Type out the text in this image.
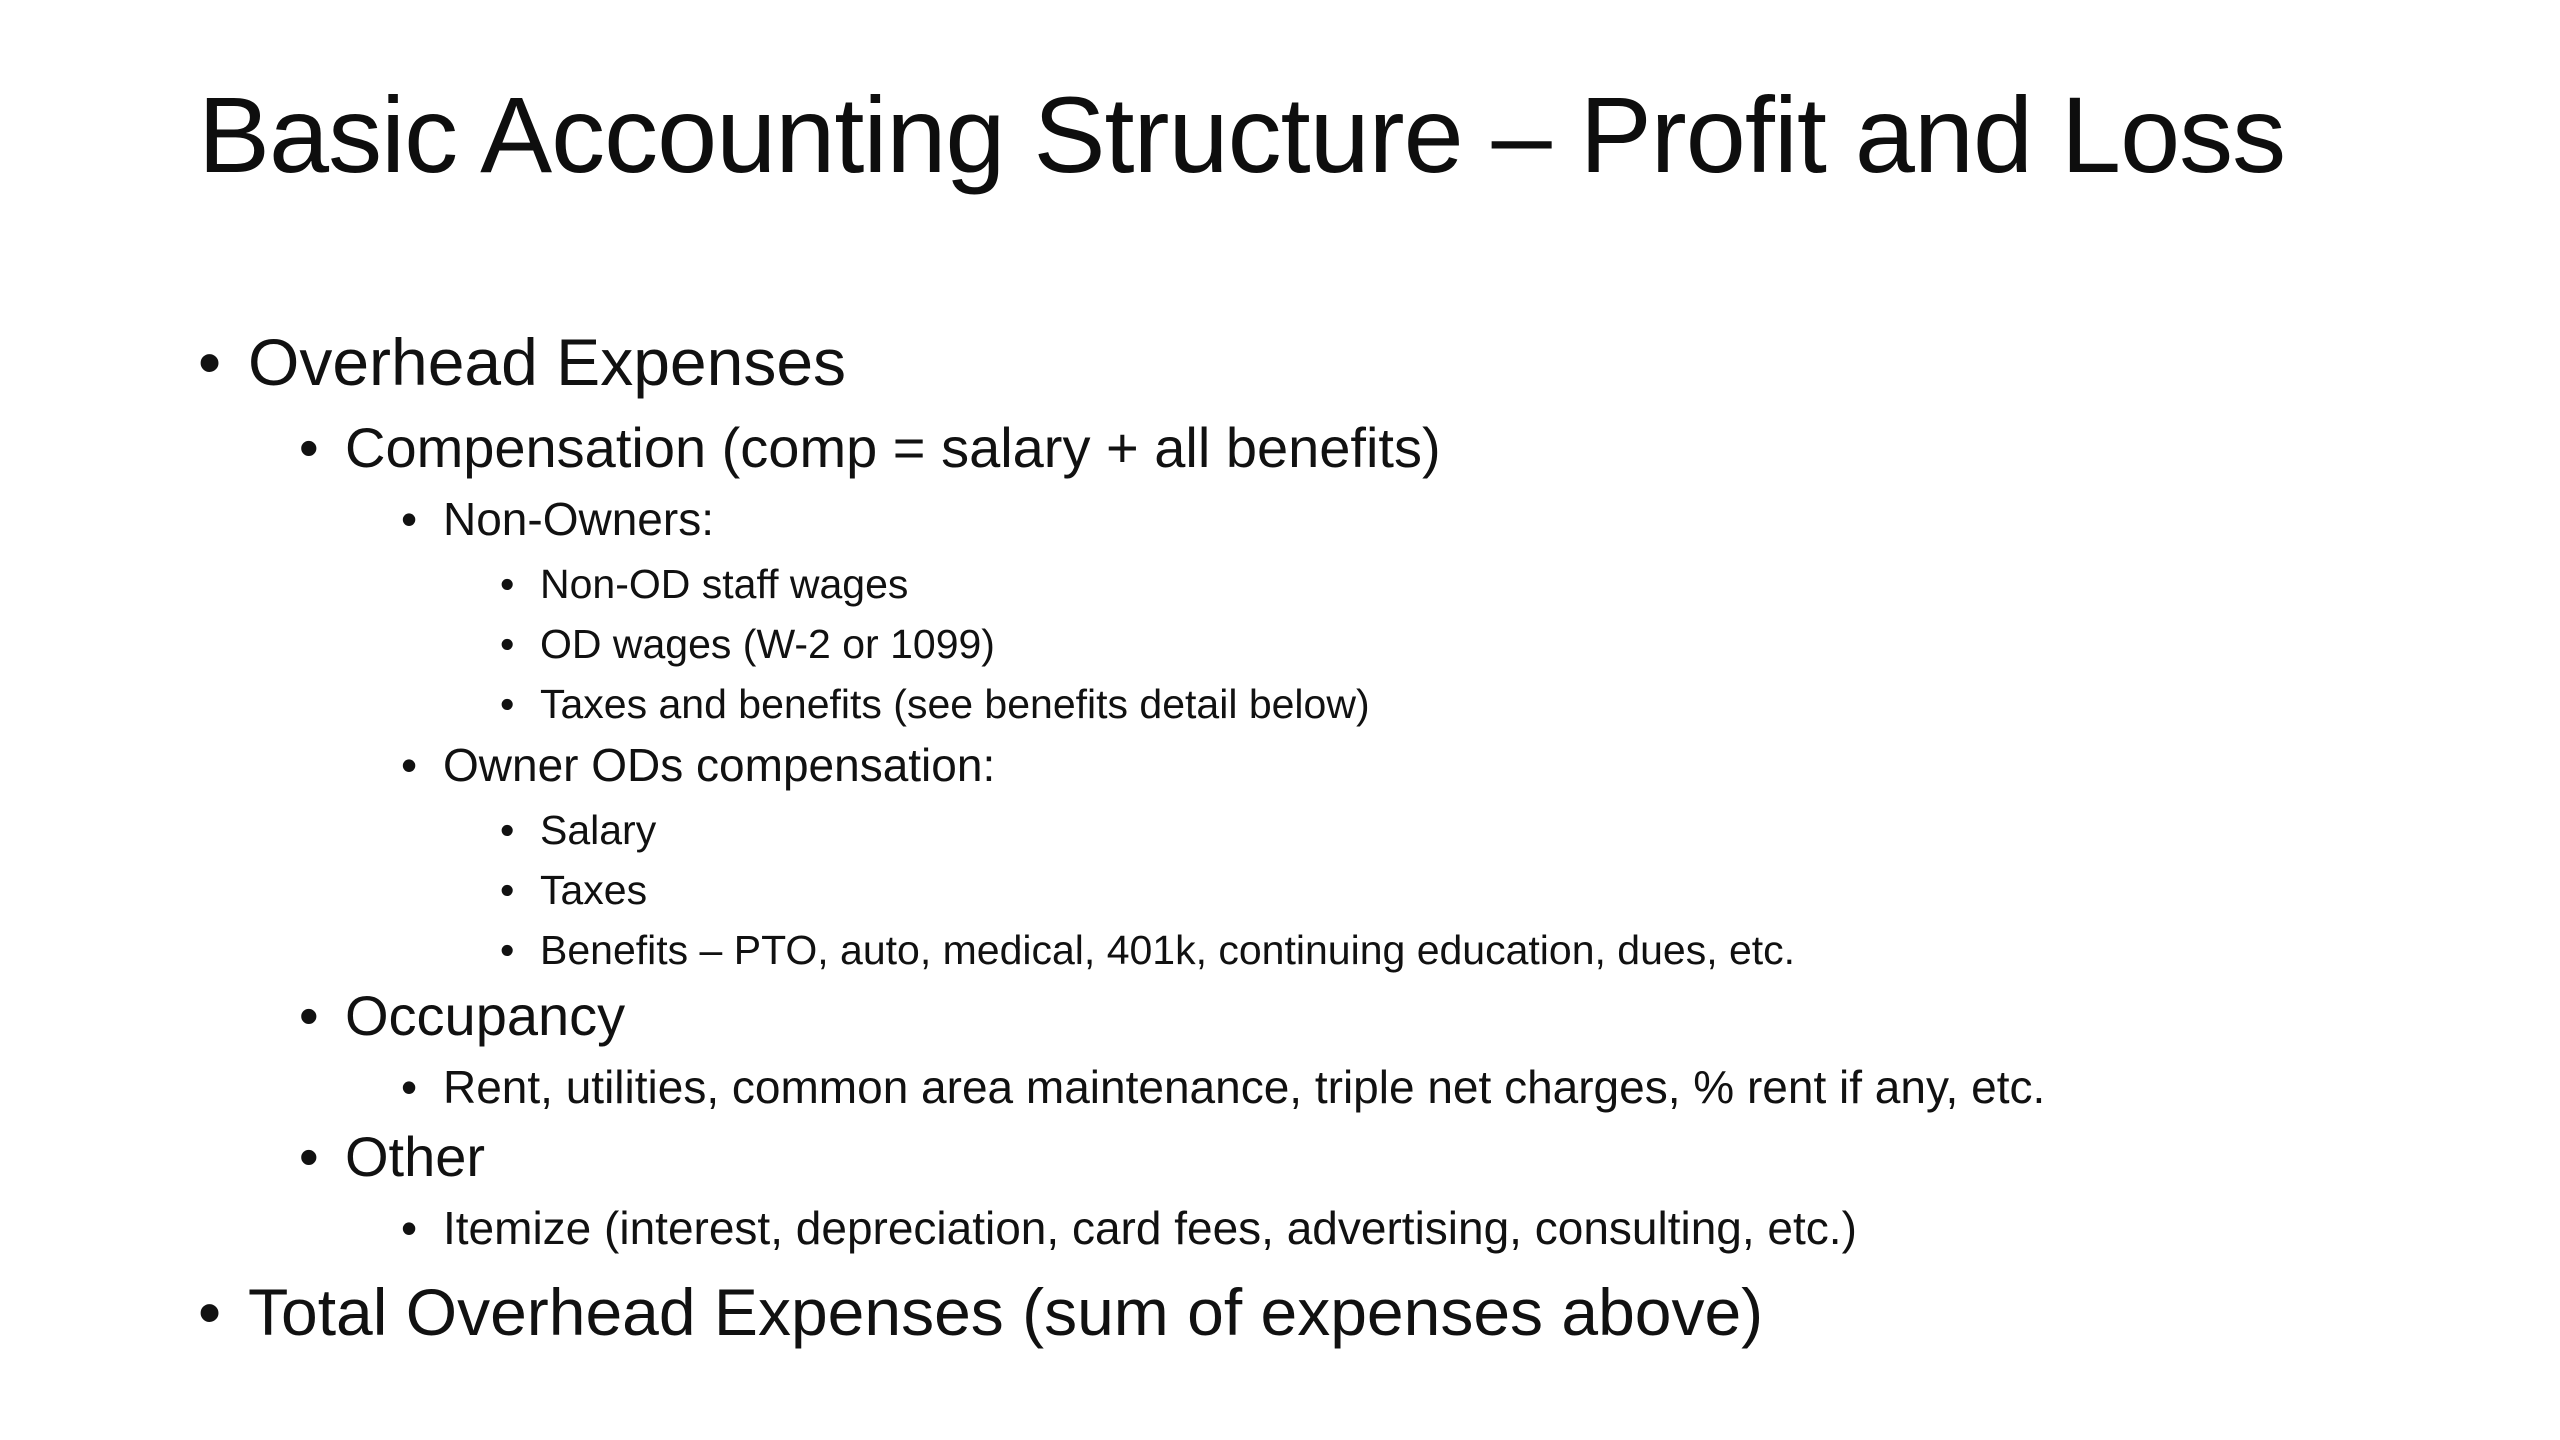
Basic Accounting Structure – Profit and Loss
• Overhead Expenses
• Compensation (comp = salary + all benefits)
• Non-Owners:
• Non-OD staff wages
• OD wages (W-2 or 1099)
• Taxes and benefits (see benefits detail below)
• Owner ODs compensation:
• Salary
• Taxes
• Benefits – PTO, auto, medical, 401k, continuing education, dues, etc.
• Occupancy
• Rent, utilities, common area maintenance, triple net charges, % rent if any, etc.
• Other
• Itemize (interest, depreciation, card fees, advertising, consulting, etc.)
• Total Overhead Expenses (sum of expenses above)
